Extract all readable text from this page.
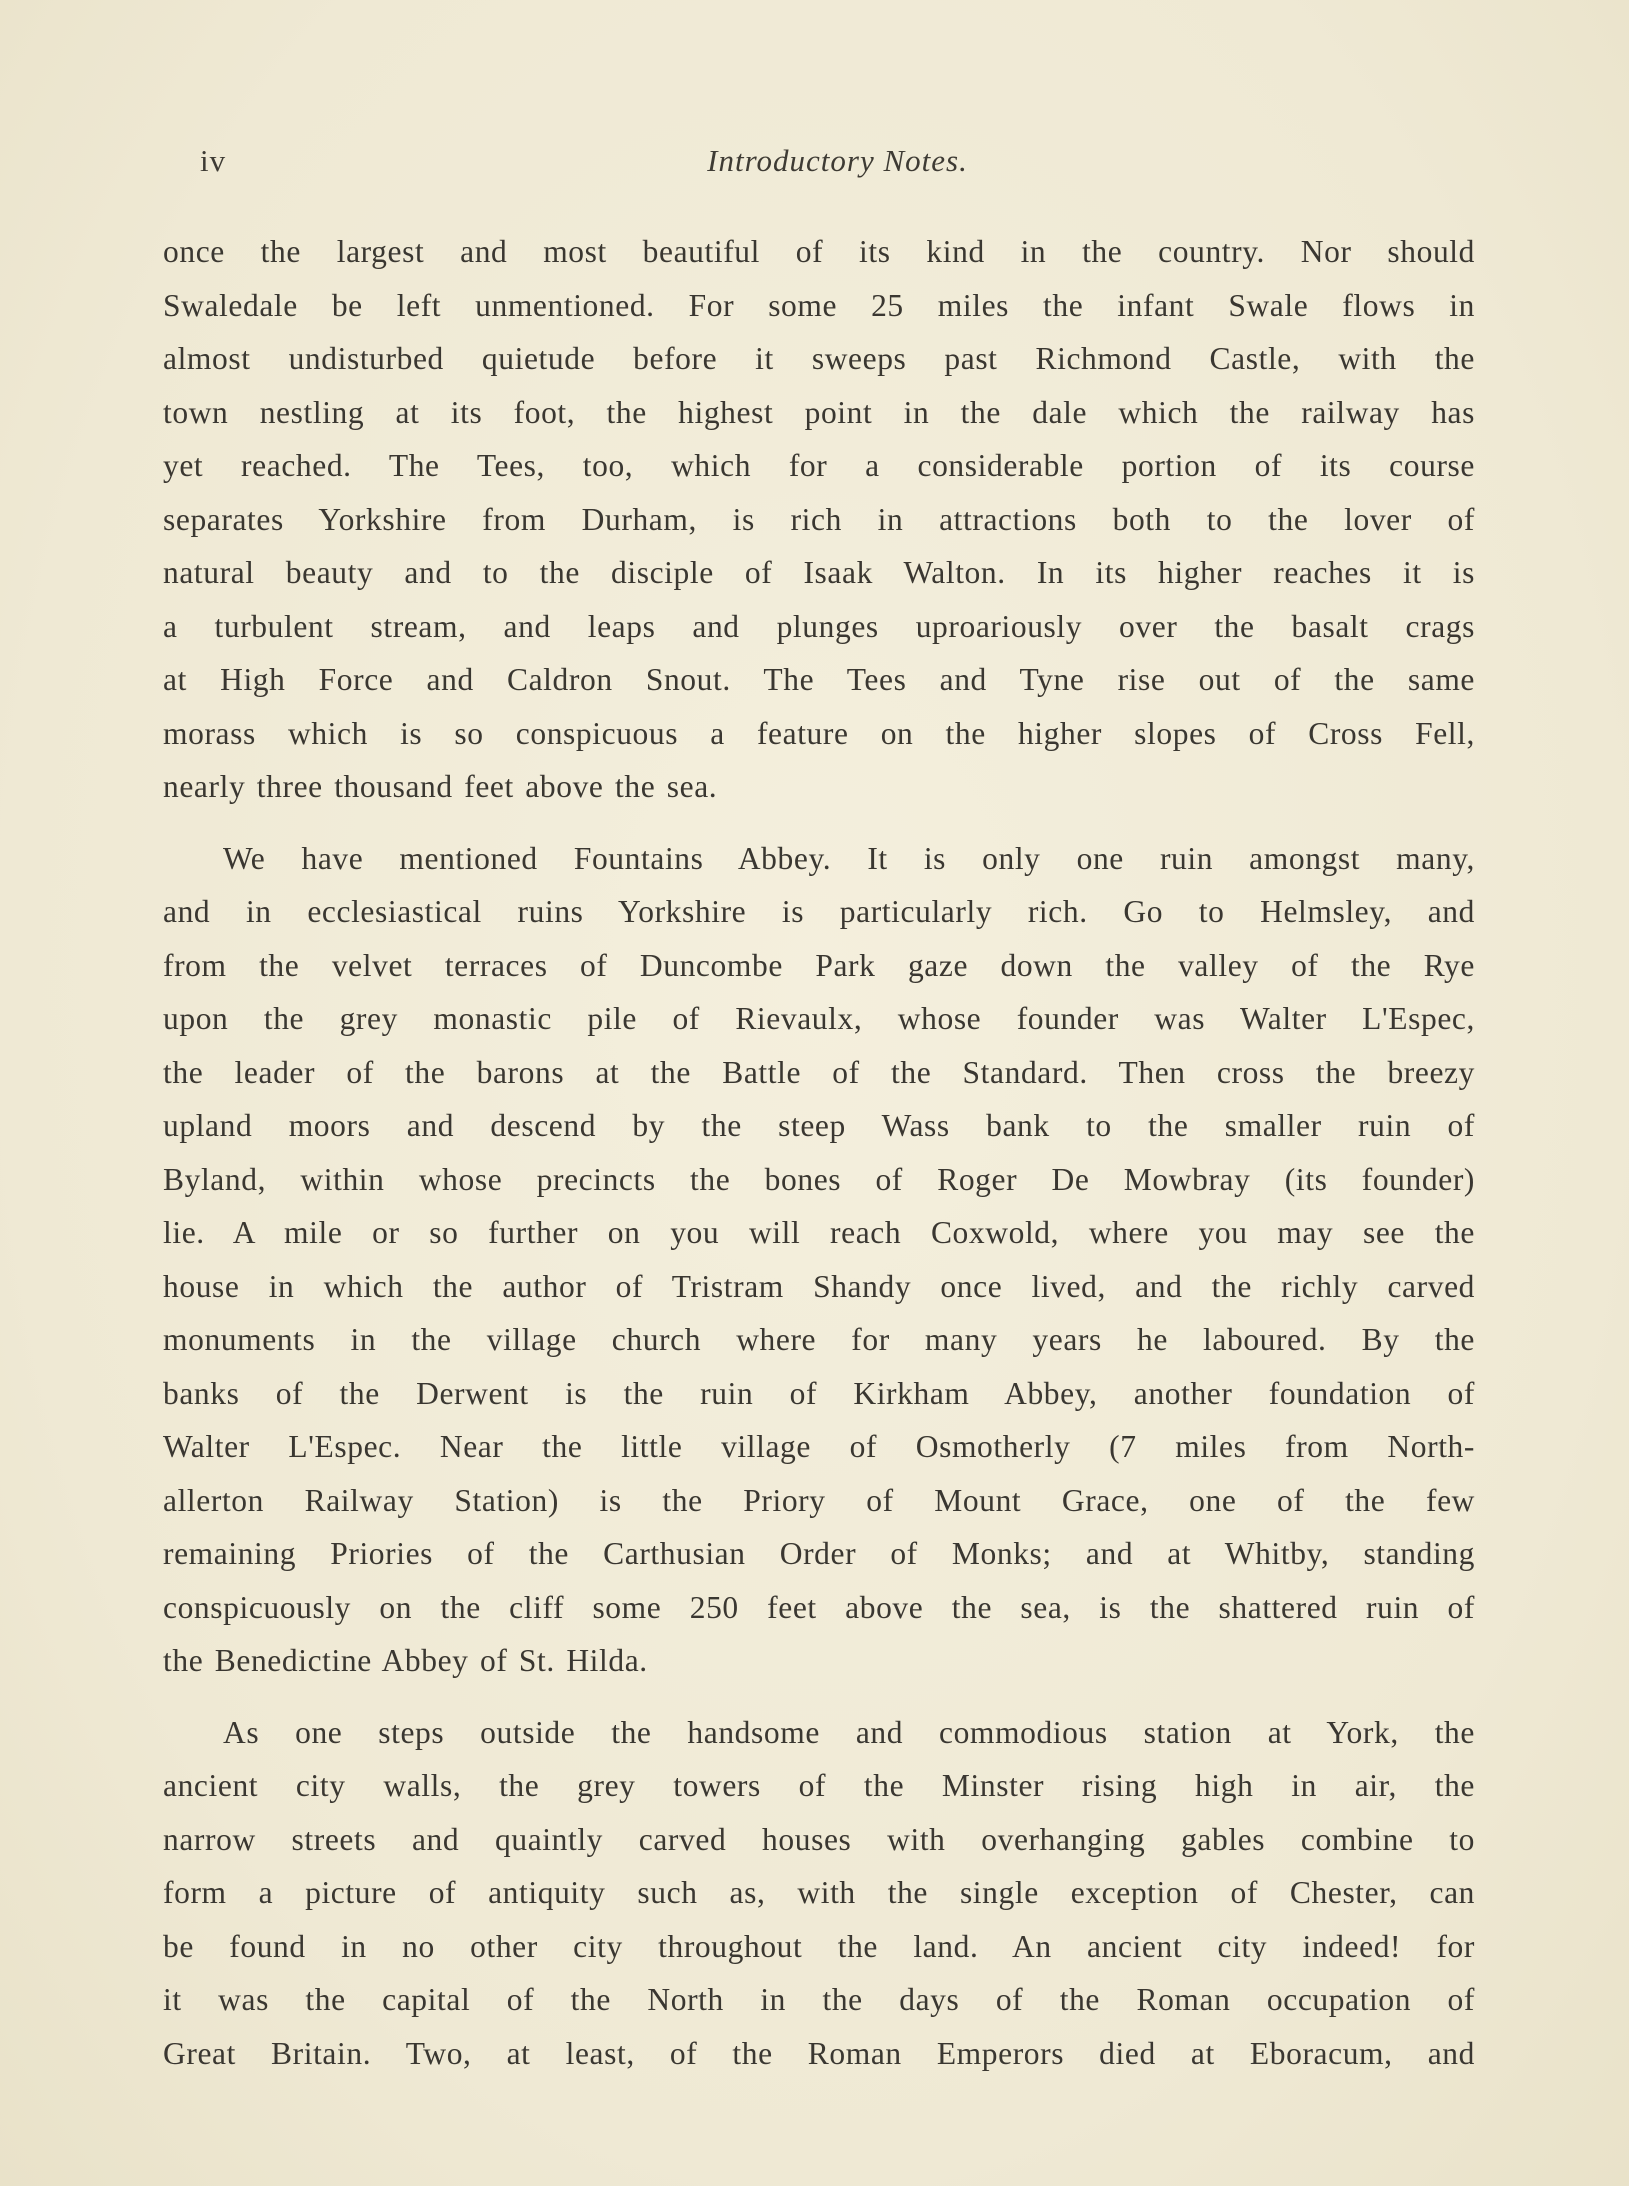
iv	Introductory Notes.
once the largest and most beautiful of its kind in the country. Nor should
Swaledale be left unmentioned. For some 25 miles the infant Swale flows in
almost undisturbed quietude before it sweeps past Richmond Castle, with the
town nestling at its foot, the highest point in the dale which the railway has
yet reached. The Tees, too, which for a considerable portion of its course
separates Yorkshire from Durham, is rich in attractions both to the lover of
natural beauty and to the disciple of Isaak Walton. In its higher reaches it is
a turbulent stream, and leaps and plunges uproariously over the basalt crags
at High Force and Caldron Snout. The Tees and Tyne rise out of the same
morass which is so conspicuous a feature on the higher slopes of Cross Fell,
nearly three thousand feet above the sea.
We have mentioned Fountains Abbey. It is only one ruin amongst many,
and in ecclesiastical ruins Yorkshire is particularly rich. Go to Helmsley, and
from the velvet terraces of Duncombe Park gaze down the valley of the Rye
upon the grey monastic pile of Rievaulx, whose founder was Walter L'Espec,
the leader of the barons at the Battle of the Standard. Then cross the breezy
upland moors and descend by the steep Wass bank to the smaller ruin of
Byland, within whose precincts the bones of Roger De Mowbray (its founder)
lie. A mile or so further on you will reach Coxwold, where you may see the
house in which the author of Tristram Shandy once lived, and the richly carved
monuments in the village church where for many years he laboured. By the
banks of the Derwent is the ruin of Kirkham Abbey, another foundation of
Walter L'Espec. Near the little village of Osmotherly (7 miles from North-
allerton Railway Station) is the Priory of Mount Grace, one of the few
remaining Priories of the Carthusian Order of Monks; and at Whitby, standing
conspicuously on the cliff some 250 feet above the sea, is the shattered ruin of
the Benedictine Abbey of St. Hilda.
As one steps outside the handsome and commodious station at York, the
ancient city walls, the grey towers of the Minster rising high in air, the
narrow streets and quaintly carved houses with overhanging gables combine to
form a picture of antiquity such as, with the single exception of Chester, can
be found in no other city throughout the land. An ancient city indeed! for
it was the capital of the North in the days of the Roman occupation of
Great Britain. Two, at least, of the Roman Emperors died at Eboracum, and
